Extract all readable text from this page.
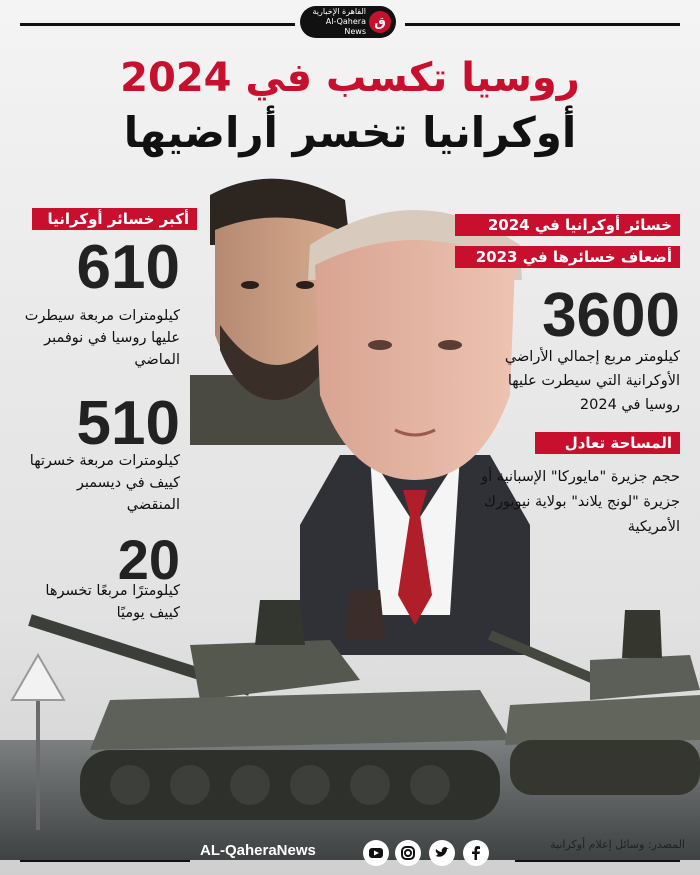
القاهرة الإخبارية
Al-Qahera News
ق
روسيا تكسب في 2024
أوكرانيا تخسر أراضيها
أكبر خسائر أوكرانيا
610
كيلومترات مربعة سيطرت عليها روسيا في نوفمبر الماضي
510
كيلومترات مربعة خسرتها كييف في ديسمبر المنقضي
20
كيلومترًا مربعًا تخسرها كييف يوميًا
خسائر أوكرانيا في 2024
أضعاف خسائرها في 2023
3600
كيلومتر مربع إجمالي الأراضي الأوكرانية التي سيطرت عليها روسيا في 2024
المساحة تعادل
حجم جزيرة "مايوركا" الإسبانية أو جزيرة "لونج يلاند" بولاية نيويورك الأمريكية
AL-QaheraNews	المصدر: وسائل إعلام أوكرانية
